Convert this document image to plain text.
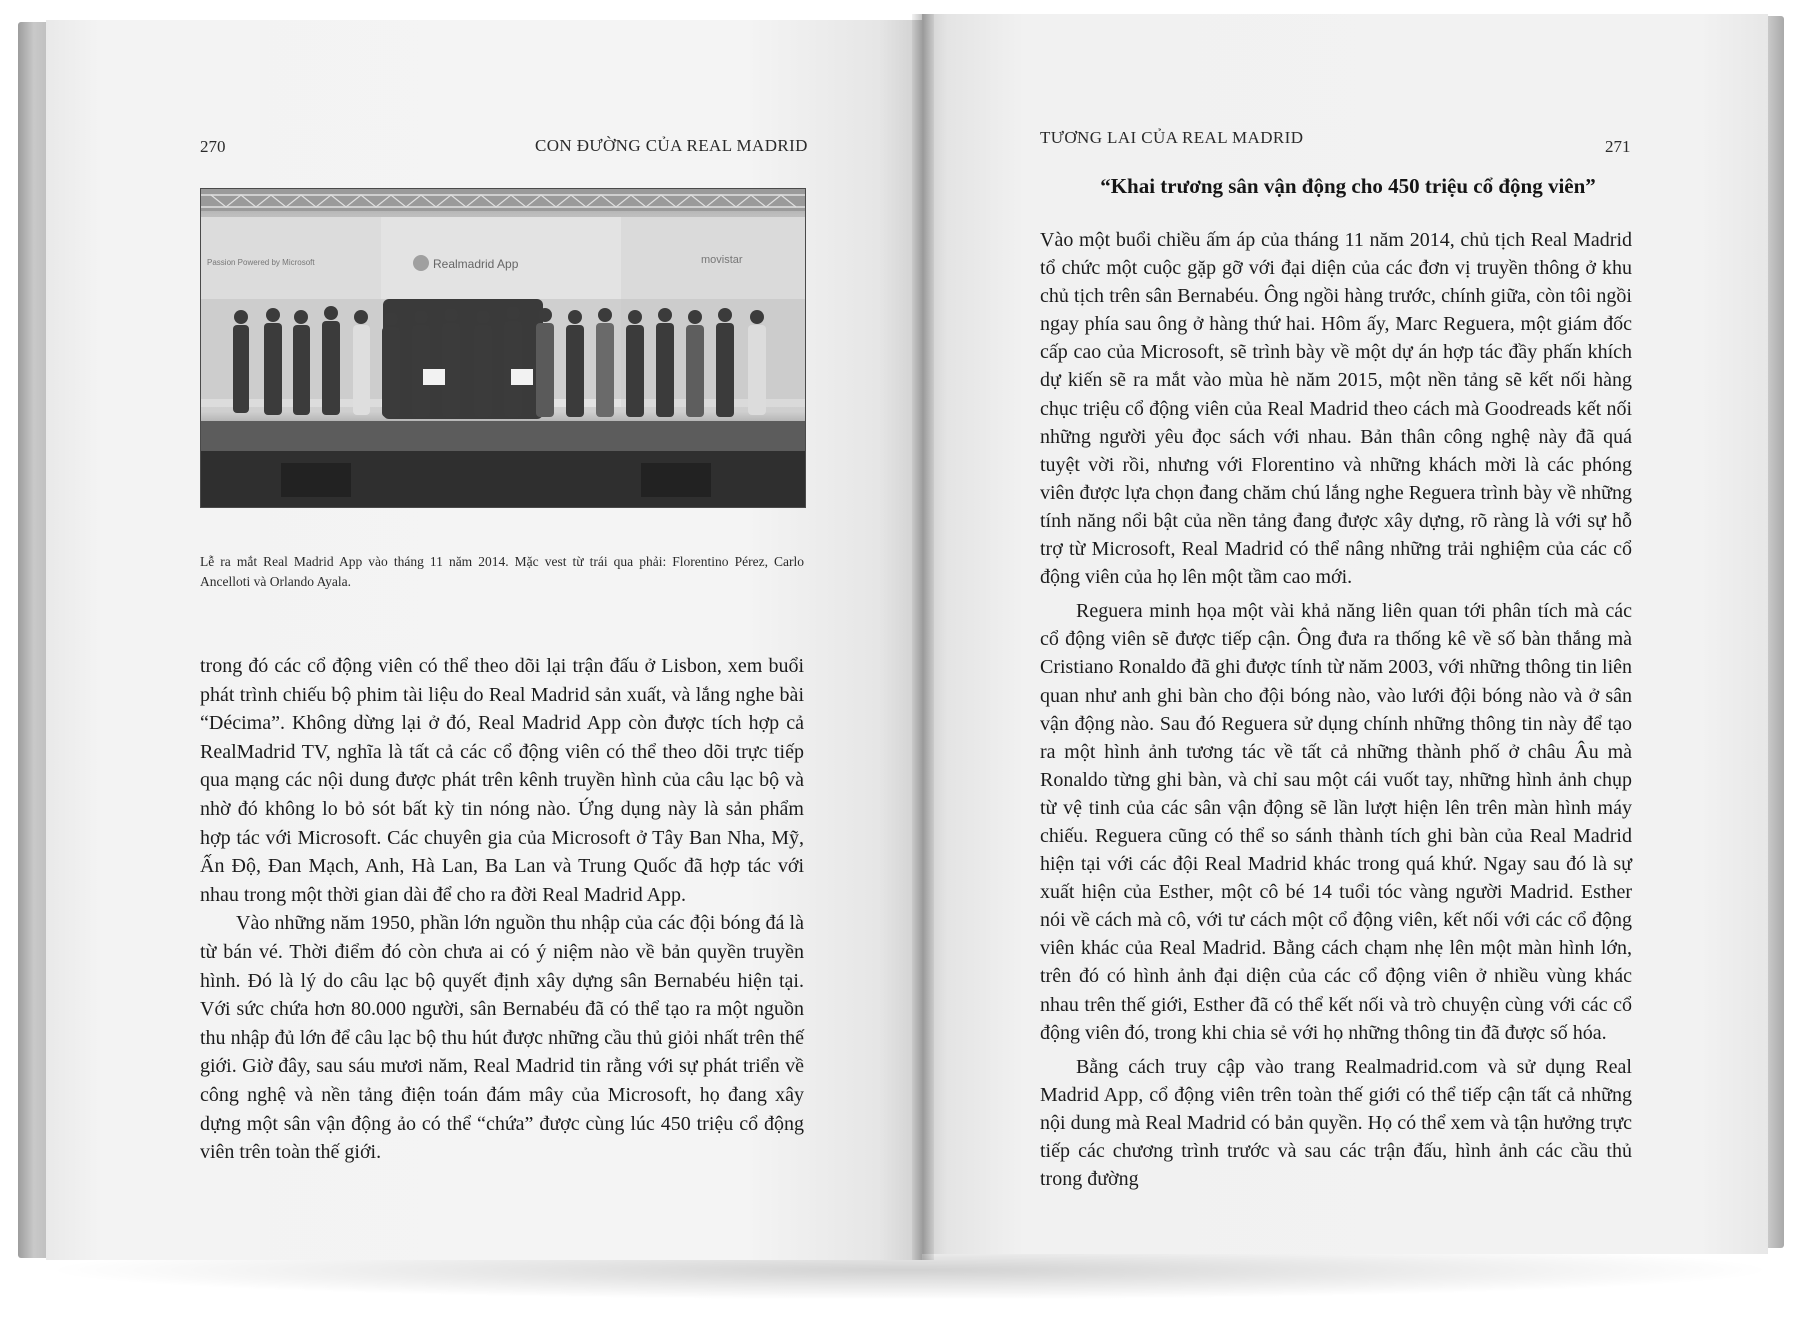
270	CON ĐƯỜNG CỦA REAL MADRID
Passion Powered by Microsoft	Realmadrid App	movistar
Lễ ra mắt Real Madrid App vào tháng 11 năm 2014. Mặc vest từ trái qua phải: Florentino Pérez, Carlo Ancelloti và Orlando Ayala.

trong đó các cổ động viên có thể theo dõi lại trận đấu ở Lisbon, xem buổi phát trình chiếu bộ phim tài liệu do Real Madrid sản xuất, và lắng nghe bài “Décima”. Không dừng lại ở đó, Real Madrid App còn được tích hợp cả RealMadrid TV, nghĩa là tất cả các cổ động viên có thể theo dõi trực tiếp qua mạng các nội dung được phát trên kênh truyền hình của câu lạc bộ và nhờ đó không lo bỏ sót bất kỳ tin nóng nào. Ứng dụng này là sản phẩm hợp tác với Microsoft. Các chuyên gia của Microsoft ở Tây Ban Nha, Mỹ, Ấn Độ, Đan Mạch, Anh, Hà Lan, Ba Lan và Trung Quốc đã hợp tác với nhau trong một thời gian dài để cho ra đời Real Madrid App.

Vào những năm 1950, phần lớn nguồn thu nhập của các đội bóng đá là từ bán vé. Thời điểm đó còn chưa ai có ý niệm nào về bản quyền truyền hình. Đó là lý do câu lạc bộ quyết định xây dựng sân Bernabéu hiện tại. Với sức chứa hơn 80.000 người, sân Bernabéu đã có thể tạo ra một nguồn thu nhập đủ lớn để câu lạc bộ thu hút được những cầu thủ giỏi nhất trên thế giới. Giờ đây, sau sáu mươi năm, Real Madrid tin rằng với sự phát triển về công nghệ và nền tảng điện toán đám mây của Microsoft, họ đang xây dựng một sân vận động ảo có thể “chứa” được cùng lúc 450 triệu cổ động viên trên toàn thế giới.

TƯƠNG LAI CỦA REAL MADRID	271
“Khai trương sân vận động cho 450 triệu cổ động viên”

Vào một buổi chiều ấm áp của tháng 11 năm 2014, chủ tịch Real Madrid tổ chức một cuộc gặp gỡ với đại diện của các đơn vị truyền thông ở khu chủ tịch trên sân Bernabéu. Ông ngồi hàng trước, chính giữa, còn tôi ngồi ngay phía sau ông ở hàng thứ hai. Hôm ấy, Marc Reguera, một giám đốc cấp cao của Microsoft, sẽ trình bày về một dự án hợp tác đầy phấn khích dự kiến sẽ ra mắt vào mùa hè năm 2015, một nền tảng sẽ kết nối hàng chục triệu cổ động viên của Real Madrid theo cách mà Goodreads kết nối những người yêu đọc sách với nhau. Bản thân công nghệ này đã quá tuyệt vời rồi, nhưng với Florentino và những khách mời là các phóng viên được lựa chọn đang chăm chú lắng nghe Reguera trình bày về những tính năng nổi bật của nền tảng đang được xây dựng, rõ ràng là với sự hỗ trợ từ Microsoft, Real Madrid có thể nâng những trải nghiệm của các cổ động viên của họ lên một tầm cao mới.

Reguera minh họa một vài khả năng liên quan tới phân tích mà các cổ động viên sẽ được tiếp cận. Ông đưa ra thống kê về số bàn thắng mà Cristiano Ronaldo đã ghi được tính từ năm 2003, với những thông tin liên quan như anh ghi bàn cho đội bóng nào, vào lưới đội bóng nào và ở sân vận động nào. Sau đó Reguera sử dụng chính những thông tin này để tạo ra một hình ảnh tương tác về tất cả những thành phố ở châu Âu mà Ronaldo từng ghi bàn, và chỉ sau một cái vuốt tay, những hình ảnh chụp từ vệ tinh của các sân vận động sẽ lần lượt hiện lên trên màn hình máy chiếu. Reguera cũng có thể so sánh thành tích ghi bàn của Real Madrid hiện tại với các đội Real Madrid khác trong quá khứ. Ngay sau đó là sự xuất hiện của Esther, một cô bé 14 tuổi tóc vàng người Madrid. Esther nói về cách mà cô, với tư cách một cổ động viên, kết nối với các cổ động viên khác của Real Madrid. Bằng cách chạm nhẹ lên một màn hình lớn, trên đó có hình ảnh đại diện của các cổ động viên ở nhiều vùng khác nhau trên thế giới, Esther đã có thể kết nối và trò chuyện cùng với các cổ động viên đó, trong khi chia sẻ với họ những thông tin đã được số hóa.

Bằng cách truy cập vào trang Realmadrid.com và sử dụng Real Madrid App, cổ động viên trên toàn thế giới có thể tiếp cận tất cả những nội dung mà Real Madrid có bản quyền. Họ có thể xem và tận hưởng trực tiếp các chương trình trước và sau các trận đấu, hình ảnh các cầu thủ trong đường
